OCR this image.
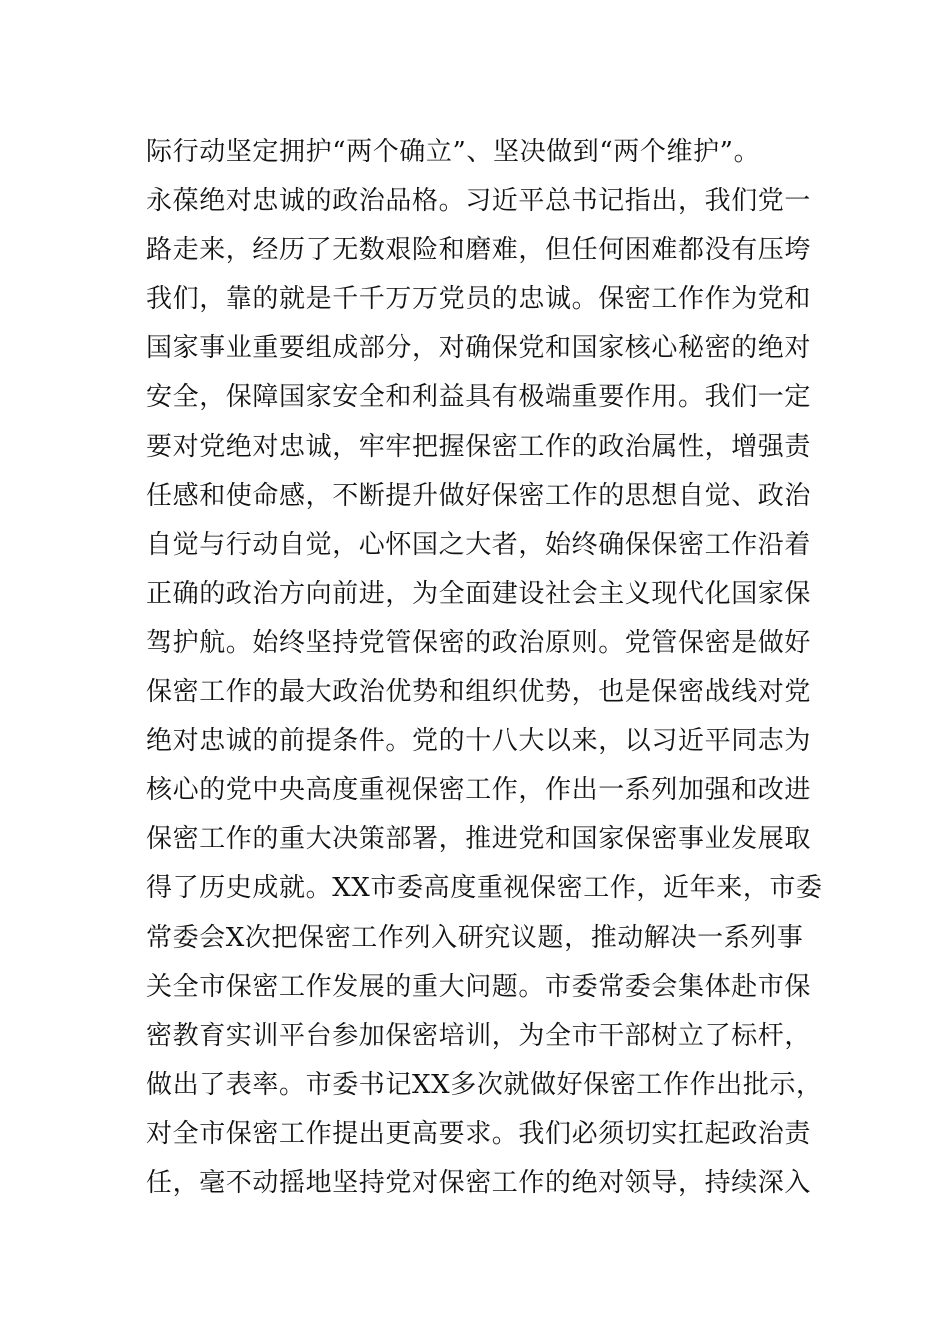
际行动坚定拥护“两个确立”、坚决做到“两个维护”。
永葆绝对忠诚的政治品格。习近平总书记指出，我们党一
路走来，经历了无数艰险和磨难，但任何困难都没有压垮
我们，靠的就是千千万万党员的忠诚。保密工作作为党和
国家事业重要组成部分，对确保党和国家核心秘密的绝对
安全，保障国家安全和利益具有极端重要作用。我们一定
要对党绝对忠诚，牢牢把握保密工作的政治属性，增强责
任感和使命感，不断提升做好保密工作的思想自觉、政治
自觉与行动自觉，心怀国之大者，始终确保保密工作沿着
正确的政治方向前进，为全面建设社会主义现代化国家保
驾护航。始终坚持党管保密的政治原则。党管保密是做好
保密工作的最大政治优势和组织优势，也是保密战线对党
绝对忠诚的前提条件。党的十八大以来，以习近平同志为
核心的党中央高度重视保密工作，作出一系列加强和改进
保密工作的重大决策部署，推进党和国家保密事业发展取
得了历史成就。XX市委高度重视保密工作，近年来，市委
常委会X次把保密工作列入研究议题，推动解决一系列事
关全市保密工作发展的重大问题。市委常委会集体赴市保
密教育实训平台参加保密培训，为全市干部树立了标杆，
做出了表率。市委书记XX多次就做好保密工作作出批示，
对全市保密工作提出更高要求。我们必须切实扛起政治责
任，毫不动摇地坚持党对保密工作的绝对领导，持续深入
